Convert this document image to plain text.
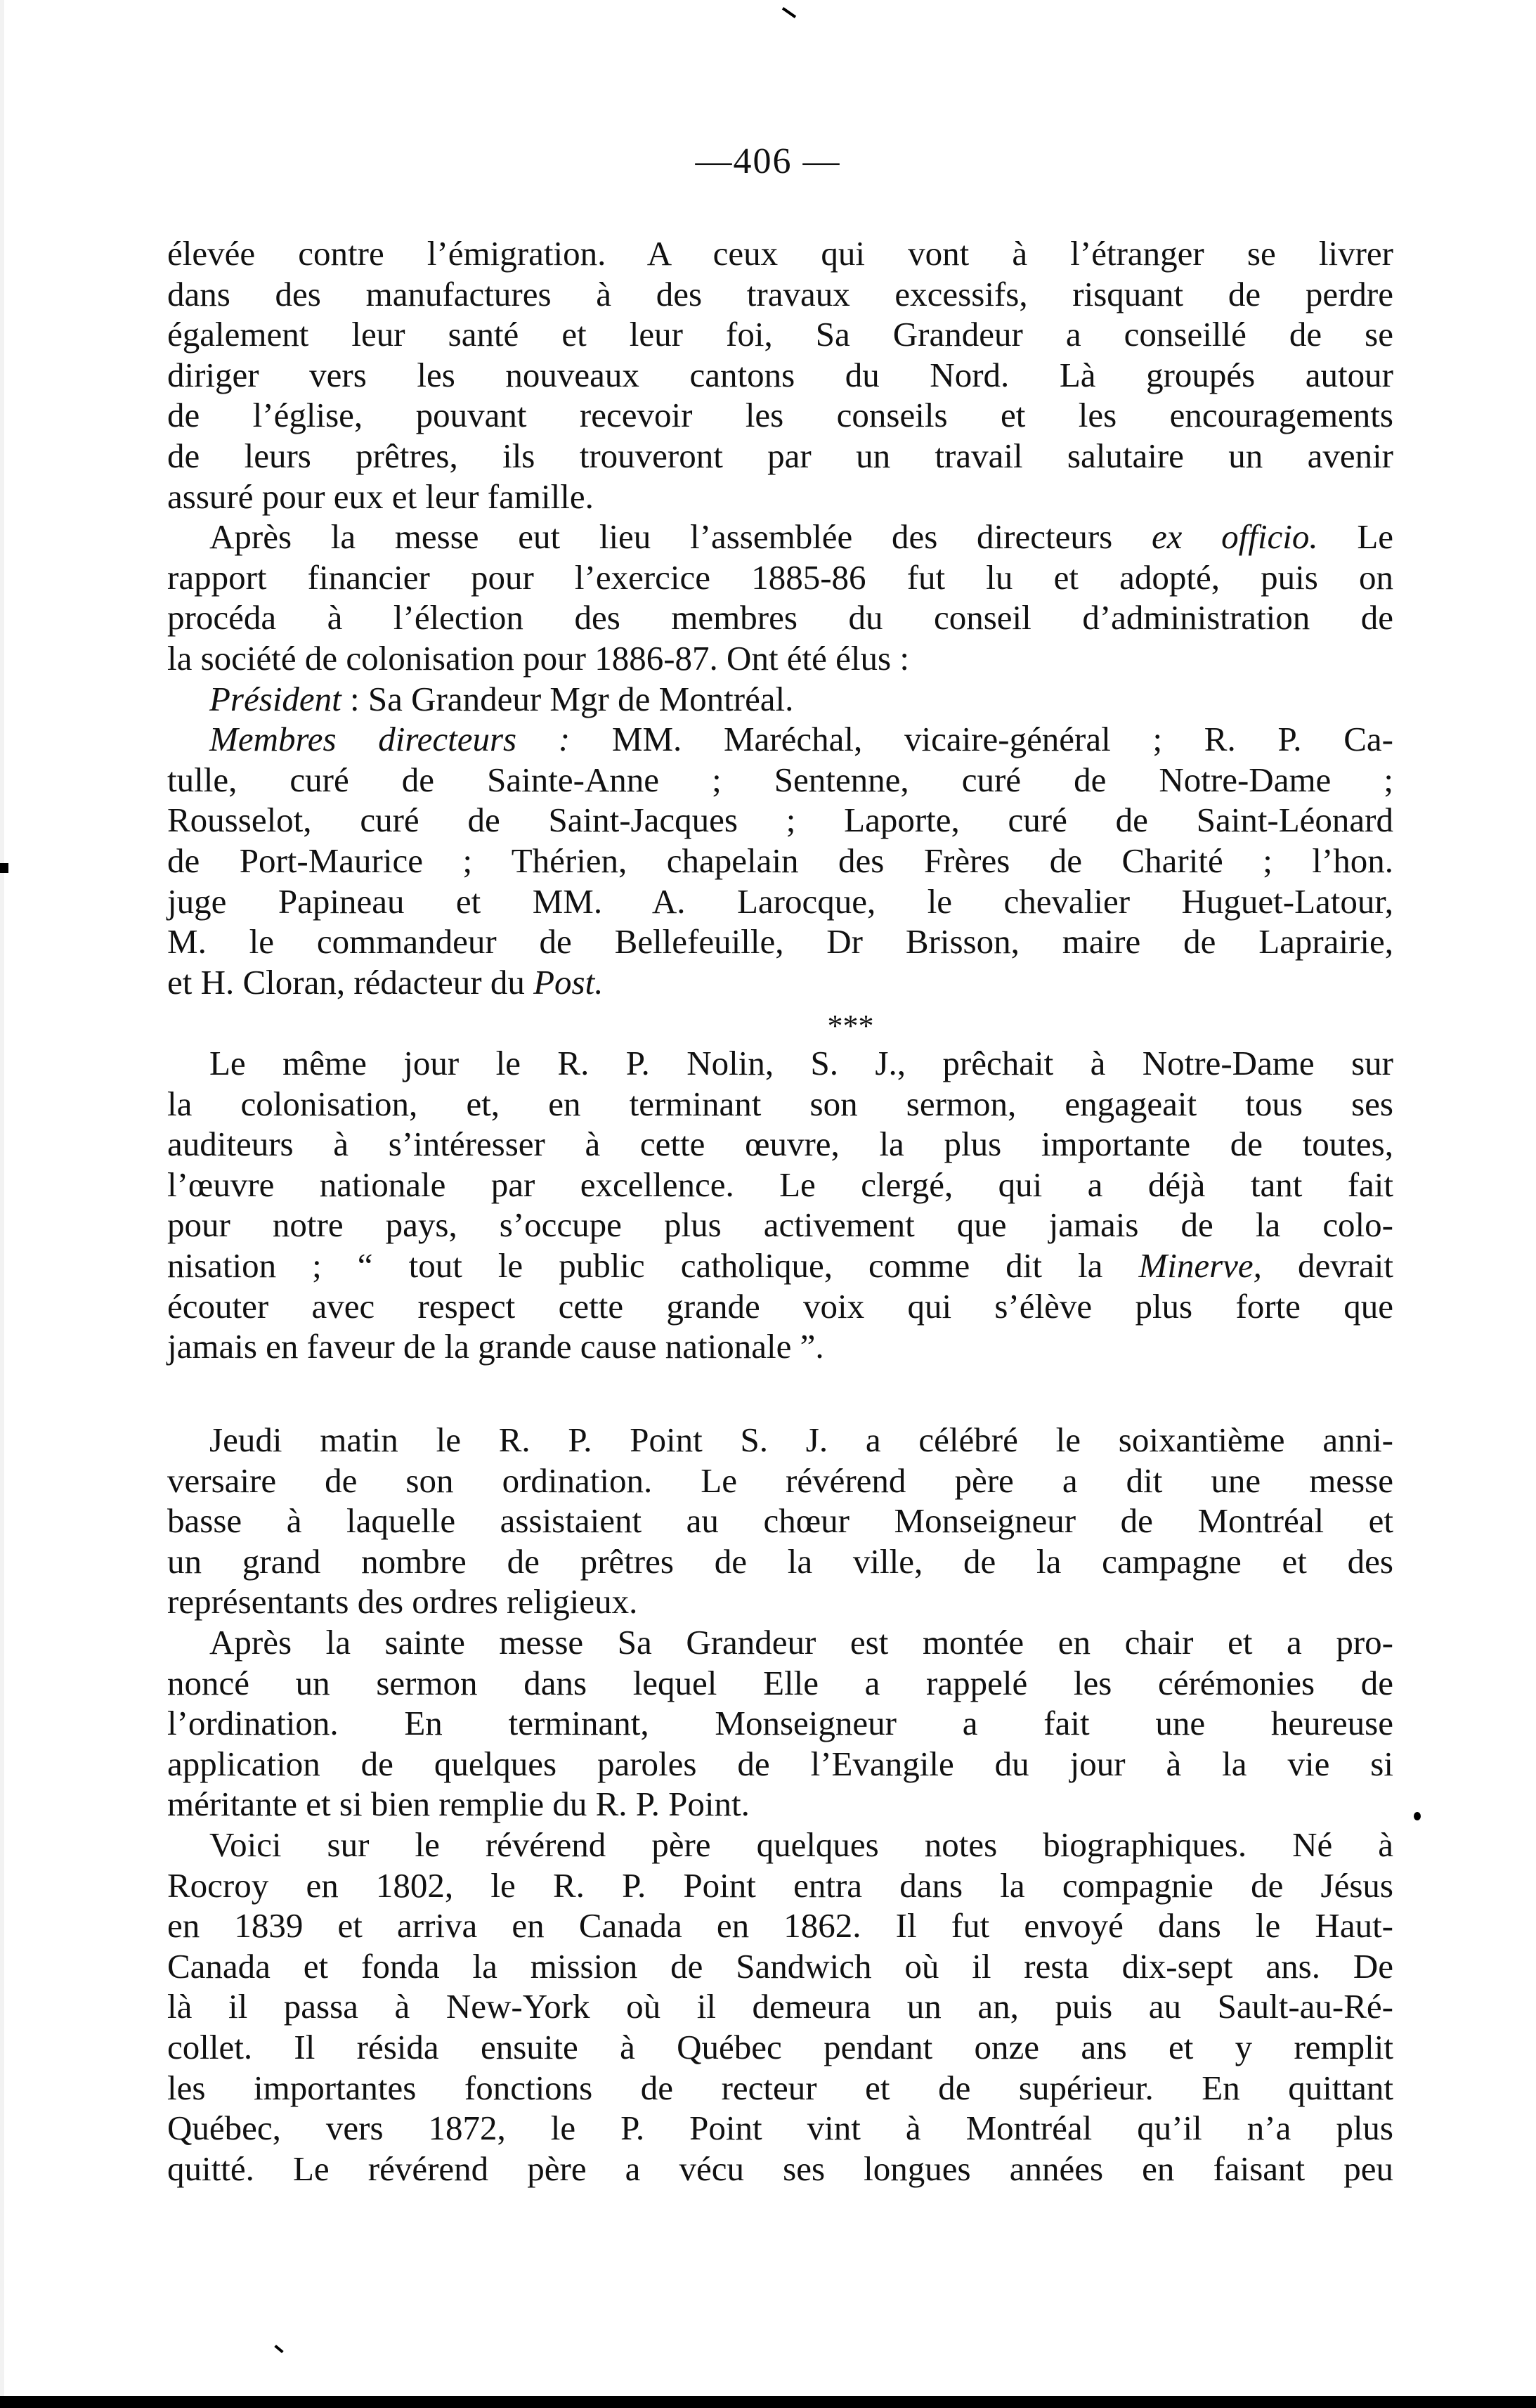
—406 —
élevée contre l’émigration. A ceux qui vont à l’étranger se livrer
dans des manufactures à des travaux excessifs, risquant de perdre
également leur santé et leur foi, Sa Grandeur a conseillé de se
diriger vers les nouveaux cantons du Nord. Là groupés autour
de l’église, pouvant recevoir les conseils et les encouragements
de leurs prêtres, ils trouveront par un travail salutaire un avenir
assuré pour eux et leur famille.
Après la messe eut lieu l’assemblée des directeurs ex officio. Le
rapport financier pour l’exercice 1885-86 fut lu et adopté, puis on
procéda à l’élection des membres du conseil d’administration de
la société de colonisation pour 1886-87. Ont été élus :
Président : Sa Grandeur Mgr de Montréal.
Membres directeurs : MM. Maréchal, vicaire-général ; R. P. Ca-
tulle, curé de Sainte-Anne ; Sentenne, curé de Notre-Dame ;
Rousselot, curé de Saint-Jacques ; Laporte, curé de Saint-Léonard
de Port-Maurice ; Thérien, chapelain des Frères de Charité ; l’hon.
juge Papineau et MM. A. Larocque, le chevalier Huguet-Latour,
M. le commandeur de Bellefeuille, Dr Brisson, maire de Laprairie,
et H. Cloran, rédacteur du Post.
***
Le même jour le R. P. Nolin, S. J., prêchait à Notre-Dame sur
la colonisation, et, en terminant son sermon, engageait tous ses
auditeurs à s’intéresser à cette œuvre, la plus importante de toutes,
l’œuvre nationale par excellence. Le clergé, qui a déjà tant fait
pour notre pays, s’occupe plus activement que jamais de la colo-
nisation ; “ tout le public catholique, comme dit la Minerve, devrait
écouter avec respect cette grande voix qui s’élève plus forte que
jamais en faveur de la grande cause nationale ”.
Jeudi matin le R. P. Point S. J. a célébré le soixantième anni-
versaire de son ordination. Le révérend père a dit une messe
basse à laquelle assistaient au chœur Monseigneur de Montréal et
un grand nombre de prêtres de la ville, de la campagne et des
représentants des ordres religieux.
Après la sainte messe Sa Grandeur est montée en chair et a pro-
noncé un sermon dans lequel Elle a rappelé les cérémonies de
l’ordination. En terminant, Monseigneur a fait une heureuse
application de quelques paroles de l’Evangile du jour à la vie si
méritante et si bien remplie du R. P. Point.
Voici sur le révérend père quelques notes biographiques. Né à
Rocroy en 1802, le R. P. Point entra dans la compagnie de Jésus
en 1839 et arriva en Canada en 1862. Il fut envoyé dans le Haut-
Canada et fonda la mission de Sandwich où il resta dix-sept ans. De
là il passa à New-York où il demeura un an, puis au Sault-au-Ré-
collet. Il résida ensuite à Québec pendant onze ans et y remplit
les importantes fonctions de recteur et de supérieur. En quittant
Québec, vers 1872, le P. Point vint à Montréal qu’il n’a plus
quitté. Le révérend père a vécu ses longues années en faisant peu
